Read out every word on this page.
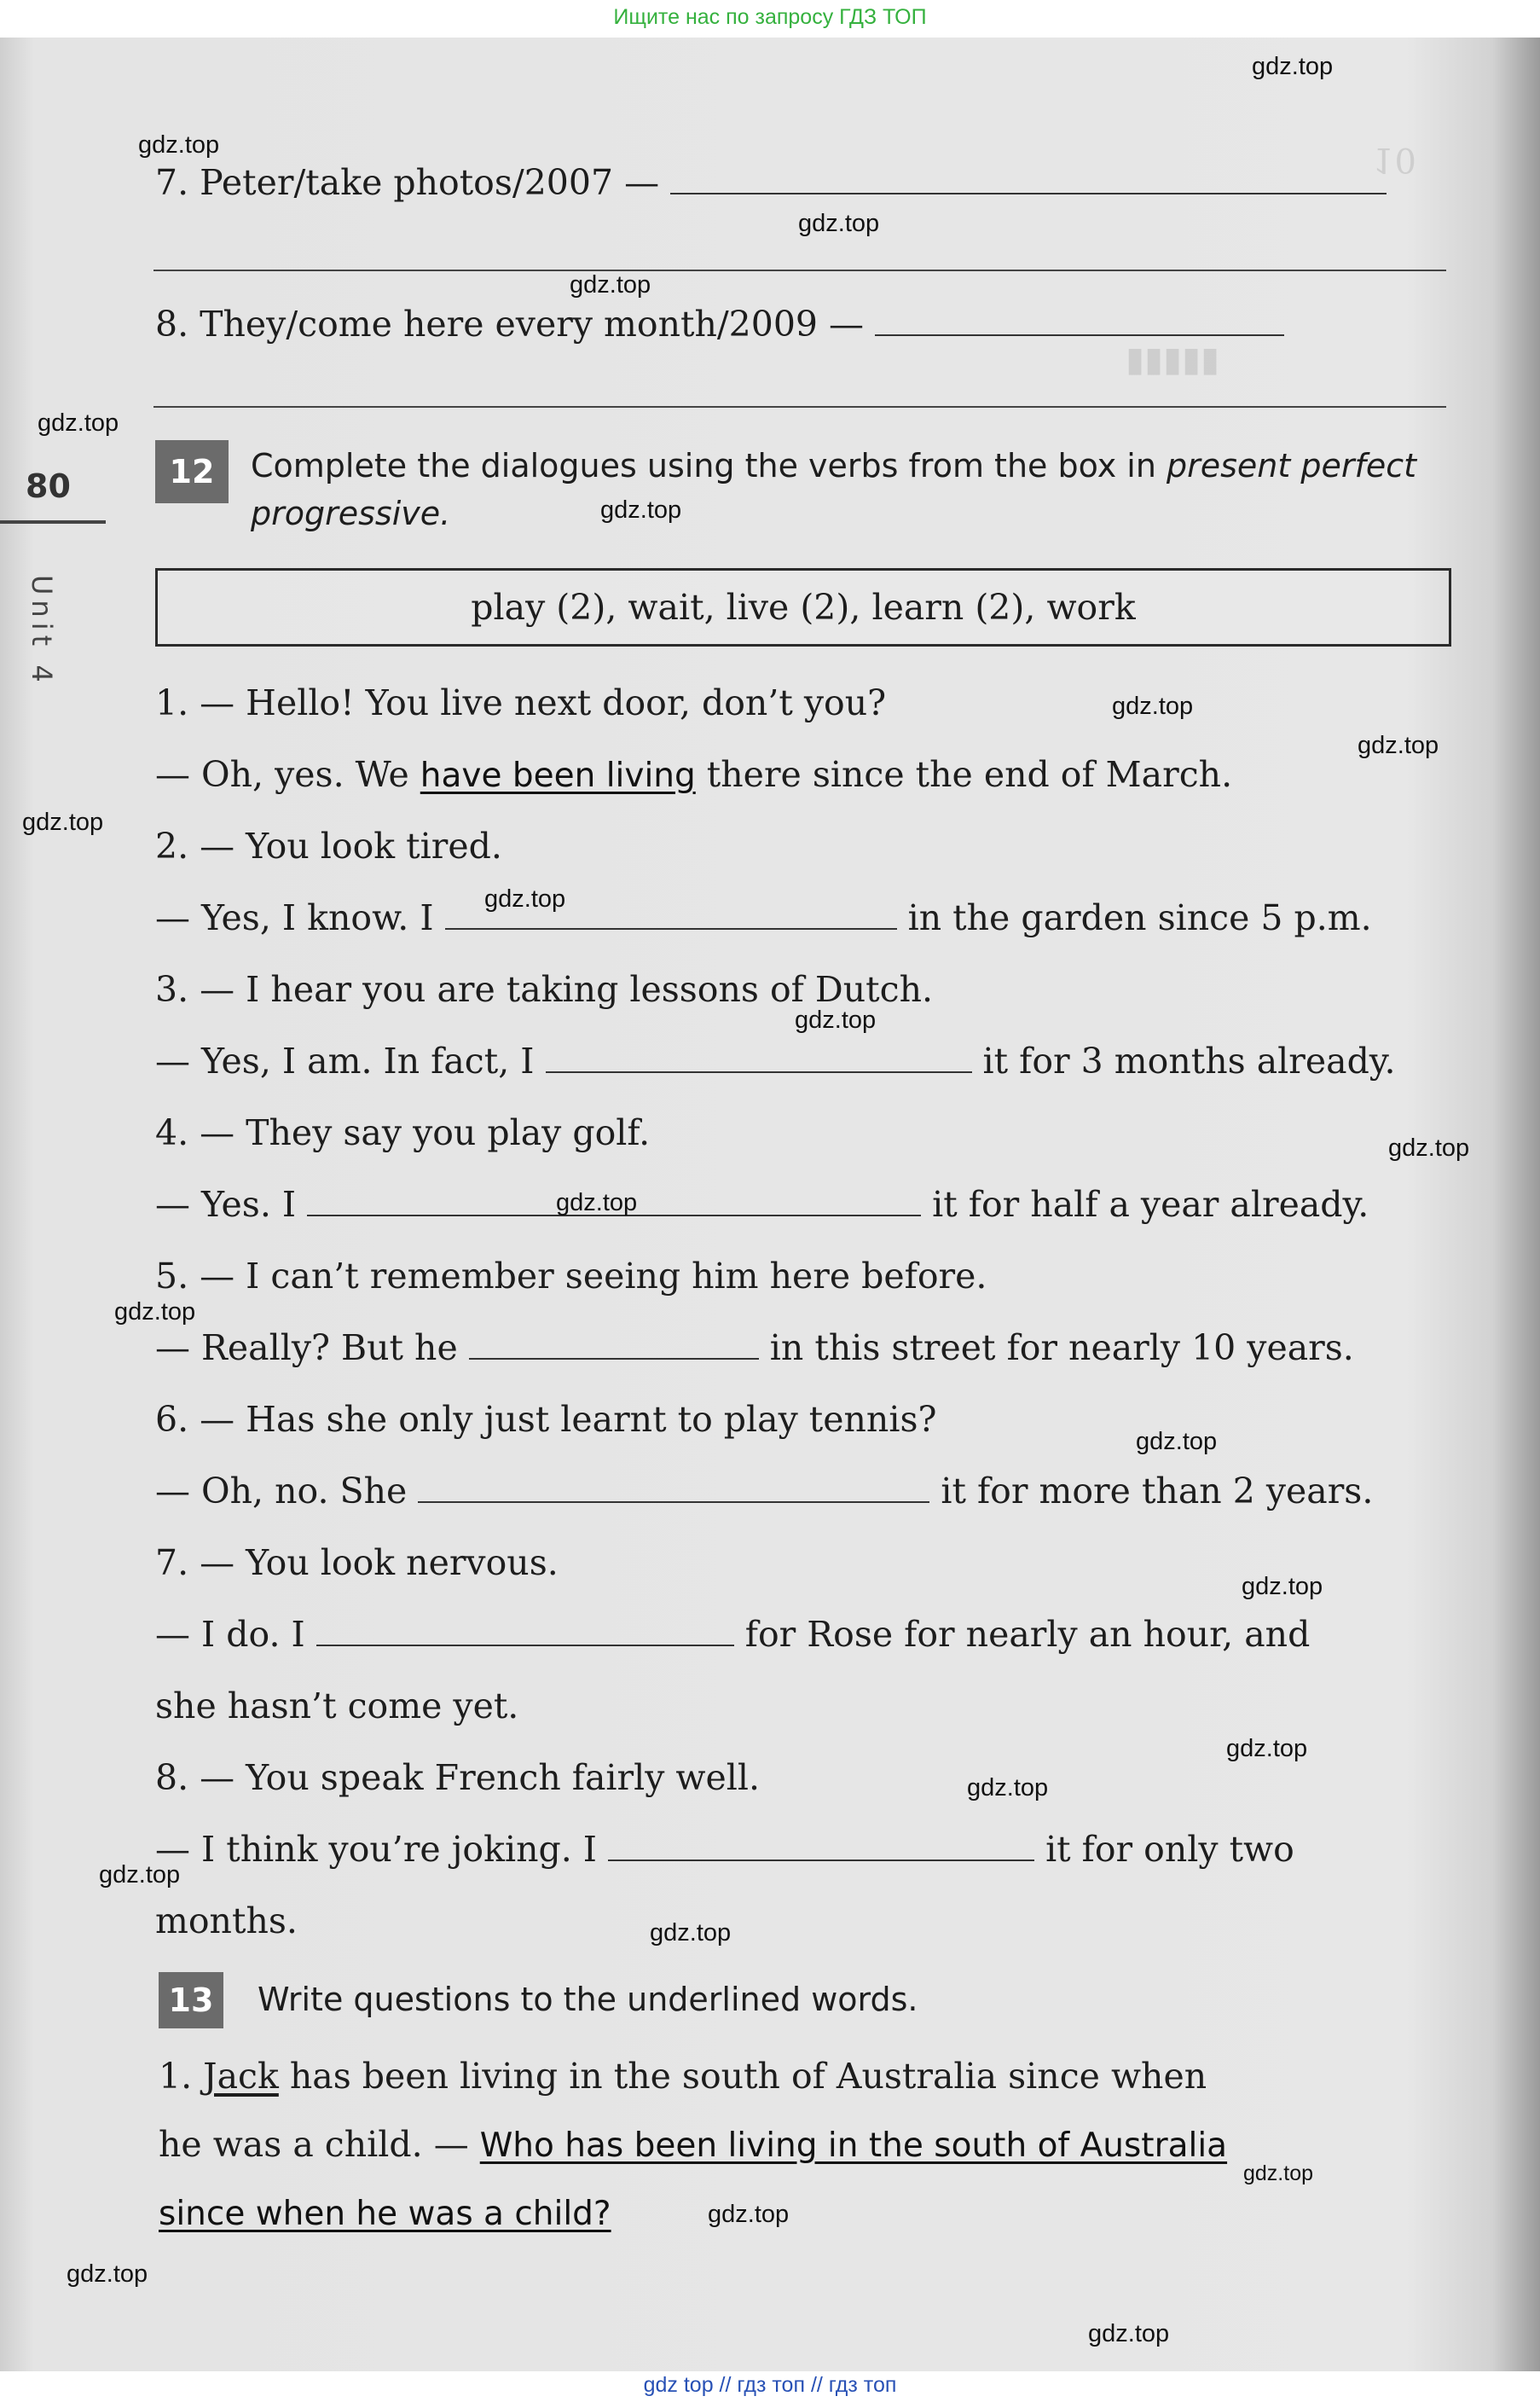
Ищите нас по запросу ГДЗ ТОП
10
▮▮▮▮▮
80
Unit 4
7. Peter/take photos/2007 —
8. They/come here every month/2009 —
12	Complete the dialogues using the verbs from the box in present perfect progressive.
play (2), wait, live (2), learn (2), work
1. — Hello! You live next door, don’t you?
— Oh, yes. We have been living there since the end of March.
2. — You look tired.
— Yes, I know. I	in the garden since 5 p.m.
3. — I hear you are taking lessons of Dutch.
— Yes, I am. In fact, I	it for 3 months already.
4. — They say you play golf.
— Yes. I	it for half a year already.
5. — I can’t remember seeing him here before.
— Really? But he	in this street for nearly 10 years.
6. — Has she only just learnt to play tennis?
— Oh, no. She	it for more than 2 years.
7. — You look nervous.
— I do. I	for Rose for nearly an hour, and
she hasn’t come yet.
8. — You speak French fairly well.
— I think you’re joking. I	it for only two
months.
13	Write questions to the underlined words.
1. Jack has been living in the south of Australia since when
he was a child. — Who has been living in the south of Australia
since when he was a child?
gdz.top
gdz.top
gdz.top
gdz.top
gdz.top
gdz.top
gdz.top
gdz.top
gdz.top
gdz.top
gdz.top
gdz.top
gdz.top
gdz.top
gdz.top
gdz.top
gdz.top
gdz.top
gdz.top
gdz.top
gdz.top
gdz.top
gdz.top
gdz.top
gdz top // гдз топ // гдз топ
